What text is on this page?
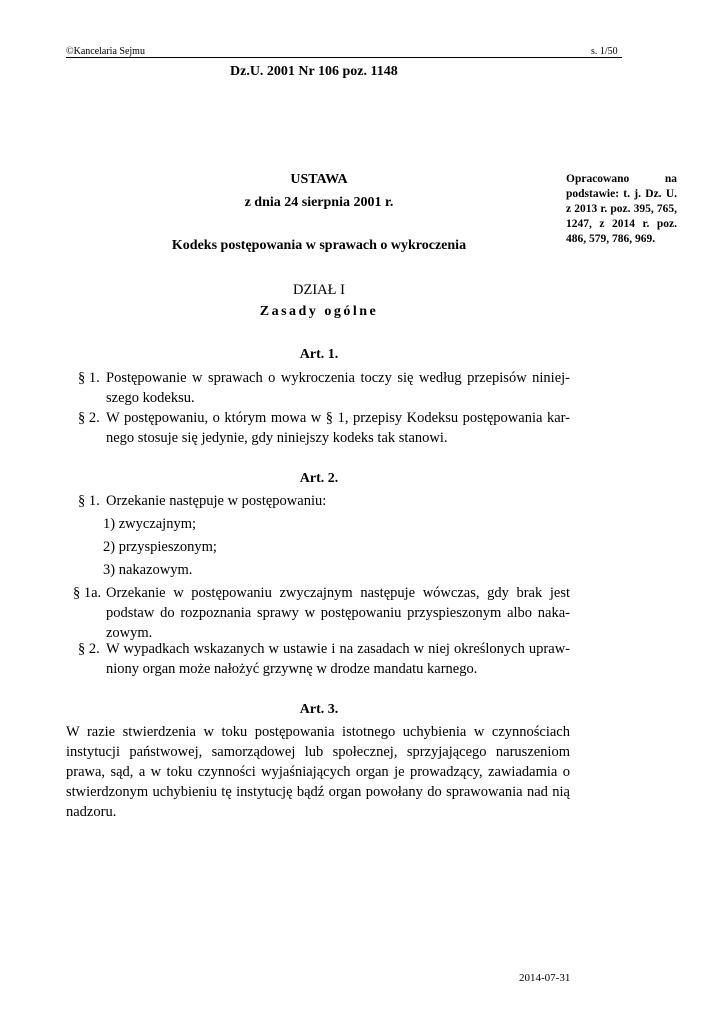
©Kancelaria Sejmu	s. 1/50
Dz.U. 2001 Nr 106 poz. 1148
Opracowano na podstawie: t. j. Dz. U. z 2013 r. poz. 395, 765, 1247, z 2014 r. poz. 486, 579, 786, 969.
USTAWA
z dnia 24 sierpnia 2001 r.
Kodeks postępowania w sprawach o wykroczenia
DZIAŁ I
Zasady ogólne
Art. 1.
§ 1. Postępowanie w sprawach o wykroczenia toczy się według przepisów niniej-szego kodeksu.
§ 2. W postępowaniu, o którym mowa w § 1, przepisy Kodeksu postępowania kar-nego stosuje się jedynie, gdy niniejszy kodeks tak stanowi.
Art. 2.
§ 1. Orzekanie następuje w postępowaniu:
1) zwyczajnym;
2) przyspieszonym;
3) nakazowym.
§ 1a. Orzekanie w postępowaniu zwyczajnym następuje wówczas, gdy brak jest podstaw do rozpoznania sprawy w postępowaniu przyspieszonym albo naka-zowym.
§ 2. W wypadkach wskazanych w ustawie i na zasadach w niej określonych upraw-niony organ może nałożyć grzywnę w drodze mandatu karnego.
Art. 3.
W razie stwierdzenia w toku postępowania istotnego uchybienia w czynnościach instytucji państwowej, samorządowej lub społecznej, sprzyjającego naruszeniom prawa, sąd, a w toku czynności wyjaśniających organ je prowadzący, zawiadamia o stwierdzonym uchybieniu tę instytucję bądź organ powołany do sprawowania nad nią nadzoru.
2014-07-31
